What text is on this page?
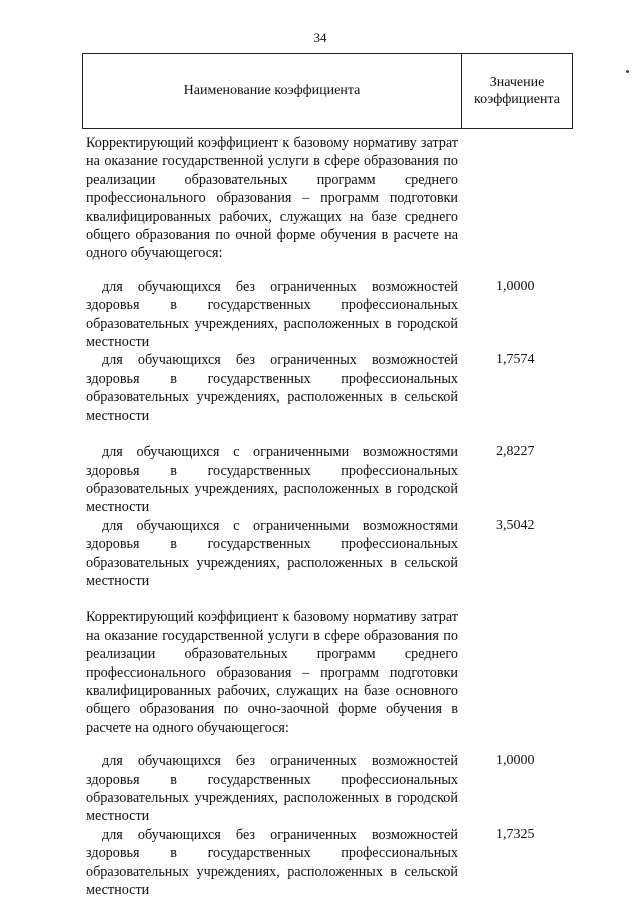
34
Наименование коэффициента
Значение
коэффициента
Корректирующий коэффициент к базовому нормативу затрат на оказание государственной услуги в сфере образования по реализации образовательных программ среднего профессионального образования – программ подготовки квалифицированных рабочих, служащих на базе среднего общего образования по очной форме обучения в расчете на одного обучающегося:
для обучающихся без ограниченных возможностей здоровья в государственных профессиональных образовательных учреждениях, расположенных в городской местности
1,0000
для обучающихся без ограниченных возможностей здоровья в государственных профессиональных образовательных учреждениях, расположенных в сельской местности
1,7574
для обучающихся с ограниченными возможностями здоровья в государственных профессиональных образовательных учреждениях, расположенных в городской местности
2,8227
для обучающихся с ограниченными возможностями здоровья в государственных профессиональных образовательных учреждениях, расположенных в сельской местности
3,5042
Корректирующий коэффициент к базовому нормативу затрат на оказание государственной услуги в сфере образования по реализации образовательных программ среднего профессионального образования – программ подготовки квалифицированных рабочих, служащих на базе основного общего образования по очно-заочной форме обучения в расчете на одного обучающегося:
для обучающихся без ограниченных возможностей здоровья в государственных профессиональных образовательных учреждениях, расположенных в городской местности
1,0000
для обучающихся без ограниченных возможностей здоровья в государственных профессиональных образовательных учреждениях, расположенных в сельской местности
1,7325
